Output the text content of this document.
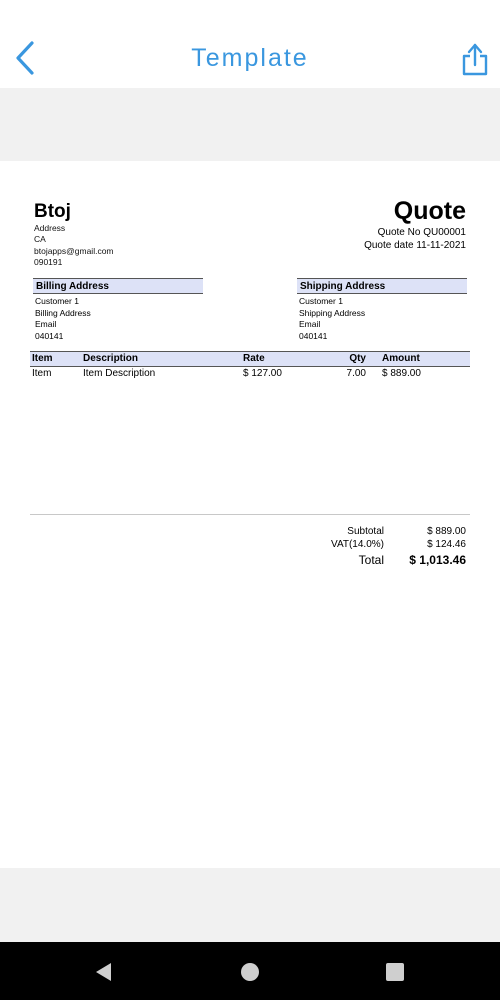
Template
Btoj
Address
CA
btojapps@gmail.com
090191
Quote
Quote No QU00001
Quote date 11-11-2021
Billing Address
Customer 1
Billing Address
Email
040141
Shipping Address
Customer 1
Shipping Address
Email
040141
Item	Description	Rate	Qty Amount
Item	Item Description	$ 127.00	7.00 $ 889.00
Subtotal	$ 889.00
VAT(14.0%)	$ 124.46
Total $ 1,013.46
